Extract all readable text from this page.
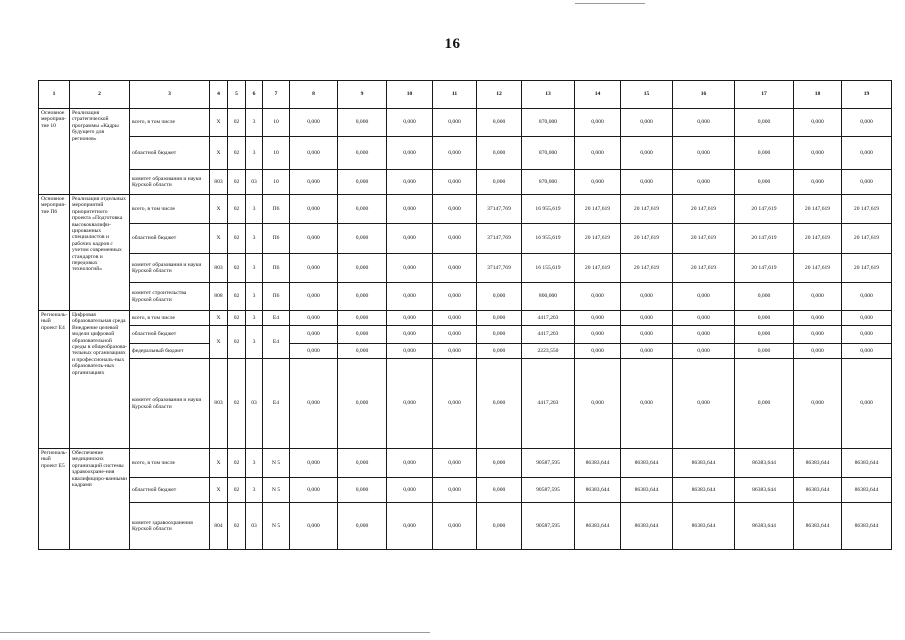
16
1	2	3	4	5	6	7	8	9	10	11	12	13	14	15	16	17	18	19
Основное мероприя-тие 10	Реализация стратегической программы «Кадры будущего для регионов»	всего, в том числе	Х	02	3	10	0,000	0,000	0,000	0,000	0,000	870,000	0,000	0,000	0,000	0,000	0,000	0,000
		областной бюджет	Х	02	3	10	0,000	0,000	0,000	0,000	0,000	870,000	0,000	0,000	0,000	0,000	0,000	0,000
		комитет образования и науки Курской области	803	02	03	10	0,000	0,000	0,000	0,000	0,000	870,000	0,000	0,000	0,000	0,000	0,000	0,000
Основное мероприя-тие П6	Реализация отдельных мероприятий приоритетного проекта «Подготовка высококвалифи-цированных специалистов и рабочих кадров с учетом современных стандартов и передовых технологий»	всего, в том числе	Х	02	3	П6	0,000	0,000	0,000	0,000	37147,769	16 955,619	20 147,619	20 147,619	20 147,619	20 147,619	20 147,619	20 147,619
		областной бюджет	Х	02	3	П6	0,000	0,000	0,000	0,000	37147,769	16 955,619	20 147,619	20 147,619	20 147,619	20 147,619	20 147,619	20 147,619
		комитет образования и науки Курской области	803	02	3	П6	0,000	0,000	0,000	0,000	37147,769	16 155,619	20 147,619	20 147,619	20 147,619	20 147,619	20 147,619	20 147,619
		комитет строительства Курской области	808	02	3	П6	0,000	0,000	0,000	0,000	0,000	800,000	0,000	0,000	0,000	0,000	0,000	0,000
Региональ-ный проект Е4	Цифровая образовательная среда Внедрение целевой модели цифровой образовательной среды в общеобразова-тельных организациях и профессиональ-ных образователь-ных организациях	всего, в том числе	Х	02	3	Е4	0,000	0,000	0,000	0,000	0,000	4417,203	0,000	0,000	0,000	0,000	0,000	0,000
		областной бюджет	Х	02	3	Е4	0,000	0,000	0,000	0,000	0,000	4417,203	0,000	0,000	0,000	0,000	0,000	0,000
		федеральный бюджет					0,000	0,000	0,000	0,000	0,000	2223,550	0,000	0,000	0,000	0,000	0,000	0,000
		комитет образования и науки Курской области	803	02	03	Е4	0,000	0,000	0,000	0,000	0,000	4417,203	0,000	0,000	0,000	0,000	0,000	0,000
Региональ-ный проект Е5	Обеспечение медицинских организаций системы здравоохране-ния квалифициро-ванными кадрами	всего, в том числе	Х	02	3	N 5	0,000	0,000	0,000	0,000	0,000	90587,595	86383,644	86383,644	86383,644	86383,644	86383,644	86383,644
		областной бюджет	Х	02	3	N 5	0,000	0,000	0,000	0,000	0,000	90587,595	86383,644	86383,644	86383,644	86383,644	86383,644	86383,644
		комитет здравоохранения Курской области	804	02	03	N 5	0,000	0,000	0,000	0,000	0,000	90587,595	86383,644	86383,644	86383,644	86383,644	86383,644	86383,644
